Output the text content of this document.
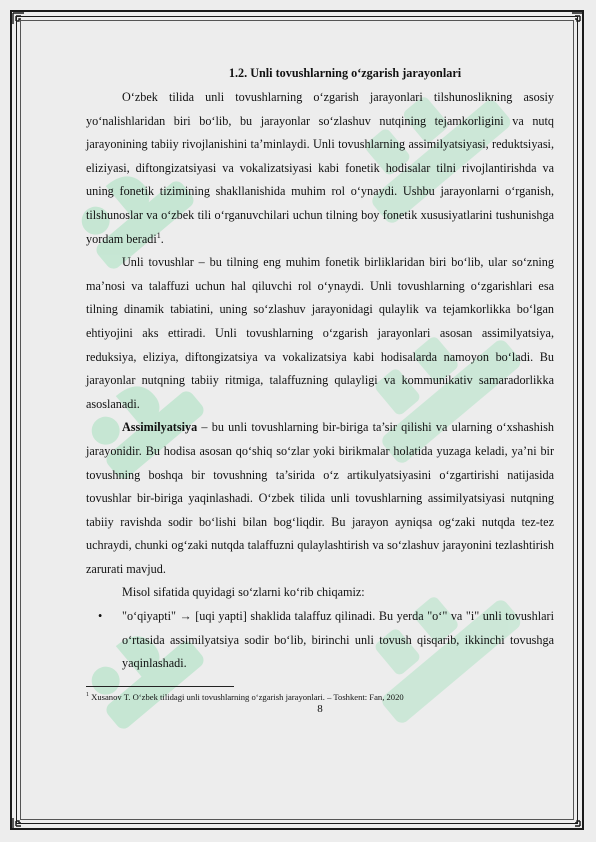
1.2. Unli tovushlarning o‘zgarish jarayonlari

O‘zbek tilida unli tovushlarning o‘zgarish jarayonlari tilshunoslikning asosiy yo‘nalishlaridan biri bo‘lib, bu jarayonlar so‘zlashuv nutqining tejamkorligini va nutq jarayonining tabiiy rivojlanishini ta’minlaydi. Unli tovushlarning assimilyatsiyasi, reduktsiyasi, eliziyasi, diftongizatsiyasi va vokalizatsiyasi kabi fonetik hodisalar tilni rivojlantirishda va uning fonetik tizimining shakllanishida muhim rol o‘ynaydi. Ushbu jarayonlarni o‘rganish, tilshunoslar va o‘zbek tili o‘rganuvchilari uchun tilning boy fonetik xususiyatlarini tushunishga yordam beradi$^1$.

Unli tovushlar – bu tilning eng muhim fonetik birliklaridan biri bo‘lib, ular so‘zning ma’nosi va talaffuzi uchun hal qiluvchi rol o‘ynaydi. Unli tovushlarning o‘zgarishlari esa tilning dinamik tabiatini, uning so‘zlashuv jarayonidagi qulaylik va tejamkorlikka bo‘lgan ehtiyojini aks ettiradi. Unli tovushlarning o‘zgarish jarayonlari asosan assimilyatsiya, reduksiya, eliziya, diftongizatsiya va vokalizatsiya kabi hodisalarda namoyon bo‘ladi. Bu jarayonlar nutqning tabiiy ritmiga, talaffuzning qulayligi va kommunikativ samaradorlikka asoslanadi.

Assimilyatsiya – bu unli tovushlarning bir-biriga ta’sir qilishi va ularning o‘xshashish jarayonidir. Bu hodisa asosan qo‘shiq so‘zlar yoki birikmalar holatida yuzaga keladi, ya’ni bir tovushning boshqa bir tovushning ta’sirida o‘z artikulyatsiyasini o‘zgartirishi natijasida tovushlar bir-biriga yaqinlashadi. O‘zbek tilida unli tovushlarning assimilyatsiyasi nutqning tabiiy ravishda sodir bo‘lishi bilan bog‘liqdir. Bu jarayon ayniqsa og‘zaki nutqda tez-tez uchraydi, chunki og‘zaki nutqda talaffuzni qulaylashtirish va so‘zlashuv jarayonini tezlashtirish zarurati mavjud.

Misol sifatida quyidagi so‘zlarni ko‘rib chiqamiz:

• "o‘qiyapti" → [uqi yapti] shaklida talaffuz qilinadi. Bu yerda "o‘" va "i" unli tovushlari o‘rtasida assimilyatsiya sodir bo‘lib, birinchi unli tovush qisqarib, ikkinchi tovushga yaqinlashadi.
$^1$ Xusanov T. O‘zbek tilidagi unli tovushlarning o‘zgarish jarayonlari. – Toshkent: Fan, 2020
8
